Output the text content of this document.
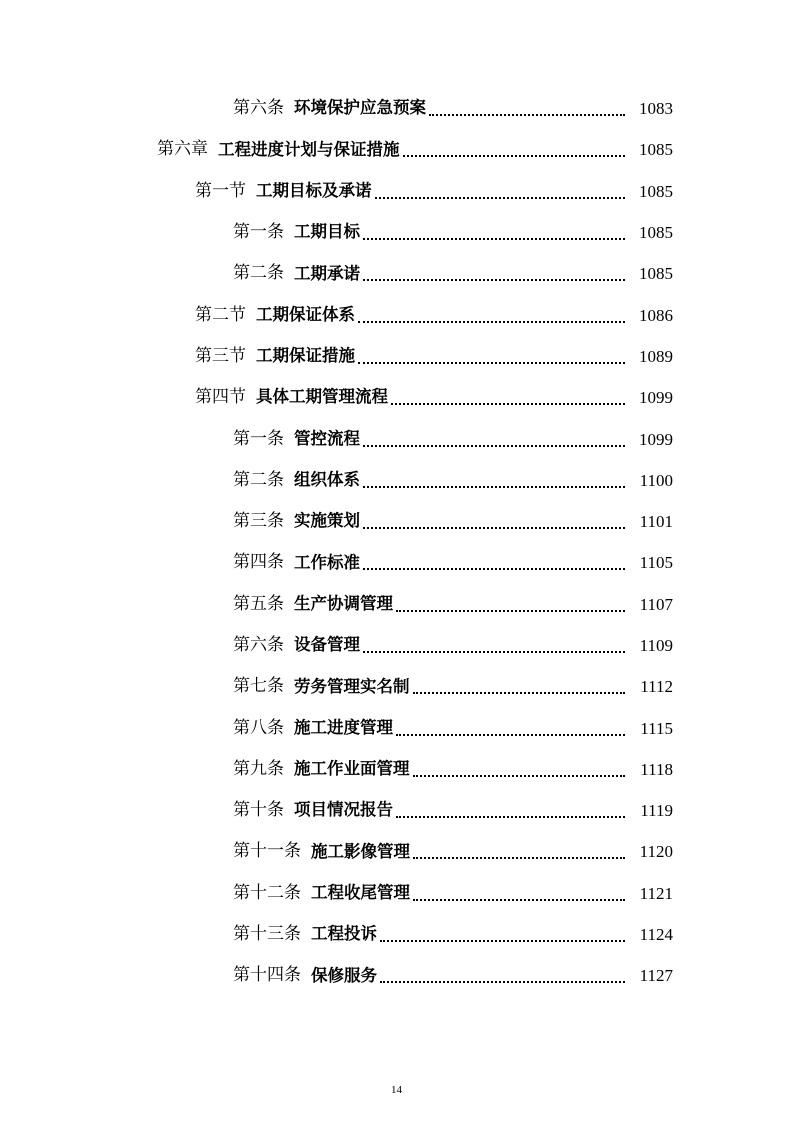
第六条 环境保护应急预案	1083
第六章 工程进度计划与保证措施	1085
第一节 工期目标及承诺	1085
第一条 工期目标	1085
第二条 工期承诺	1085
第二节 工期保证体系	1086
第三节 工期保证措施	1089
第四节 具体工期管理流程	1099
第一条 管控流程	1099
第二条 组织体系	1100
第三条 实施策划	1101
第四条 工作标准	1105
第五条 生产协调管理	1107
第六条 设备管理	1109
第七条 劳务管理实名制	1112
第八条 施工进度管理	1115
第九条 施工作业面管理	1118
第十条 项目情况报告	1119
第十一条 施工影像管理	1120
第十二条 工程收尾管理	1121
第十三条 工程投诉	1124
第十四条 保修服务	1127
14
